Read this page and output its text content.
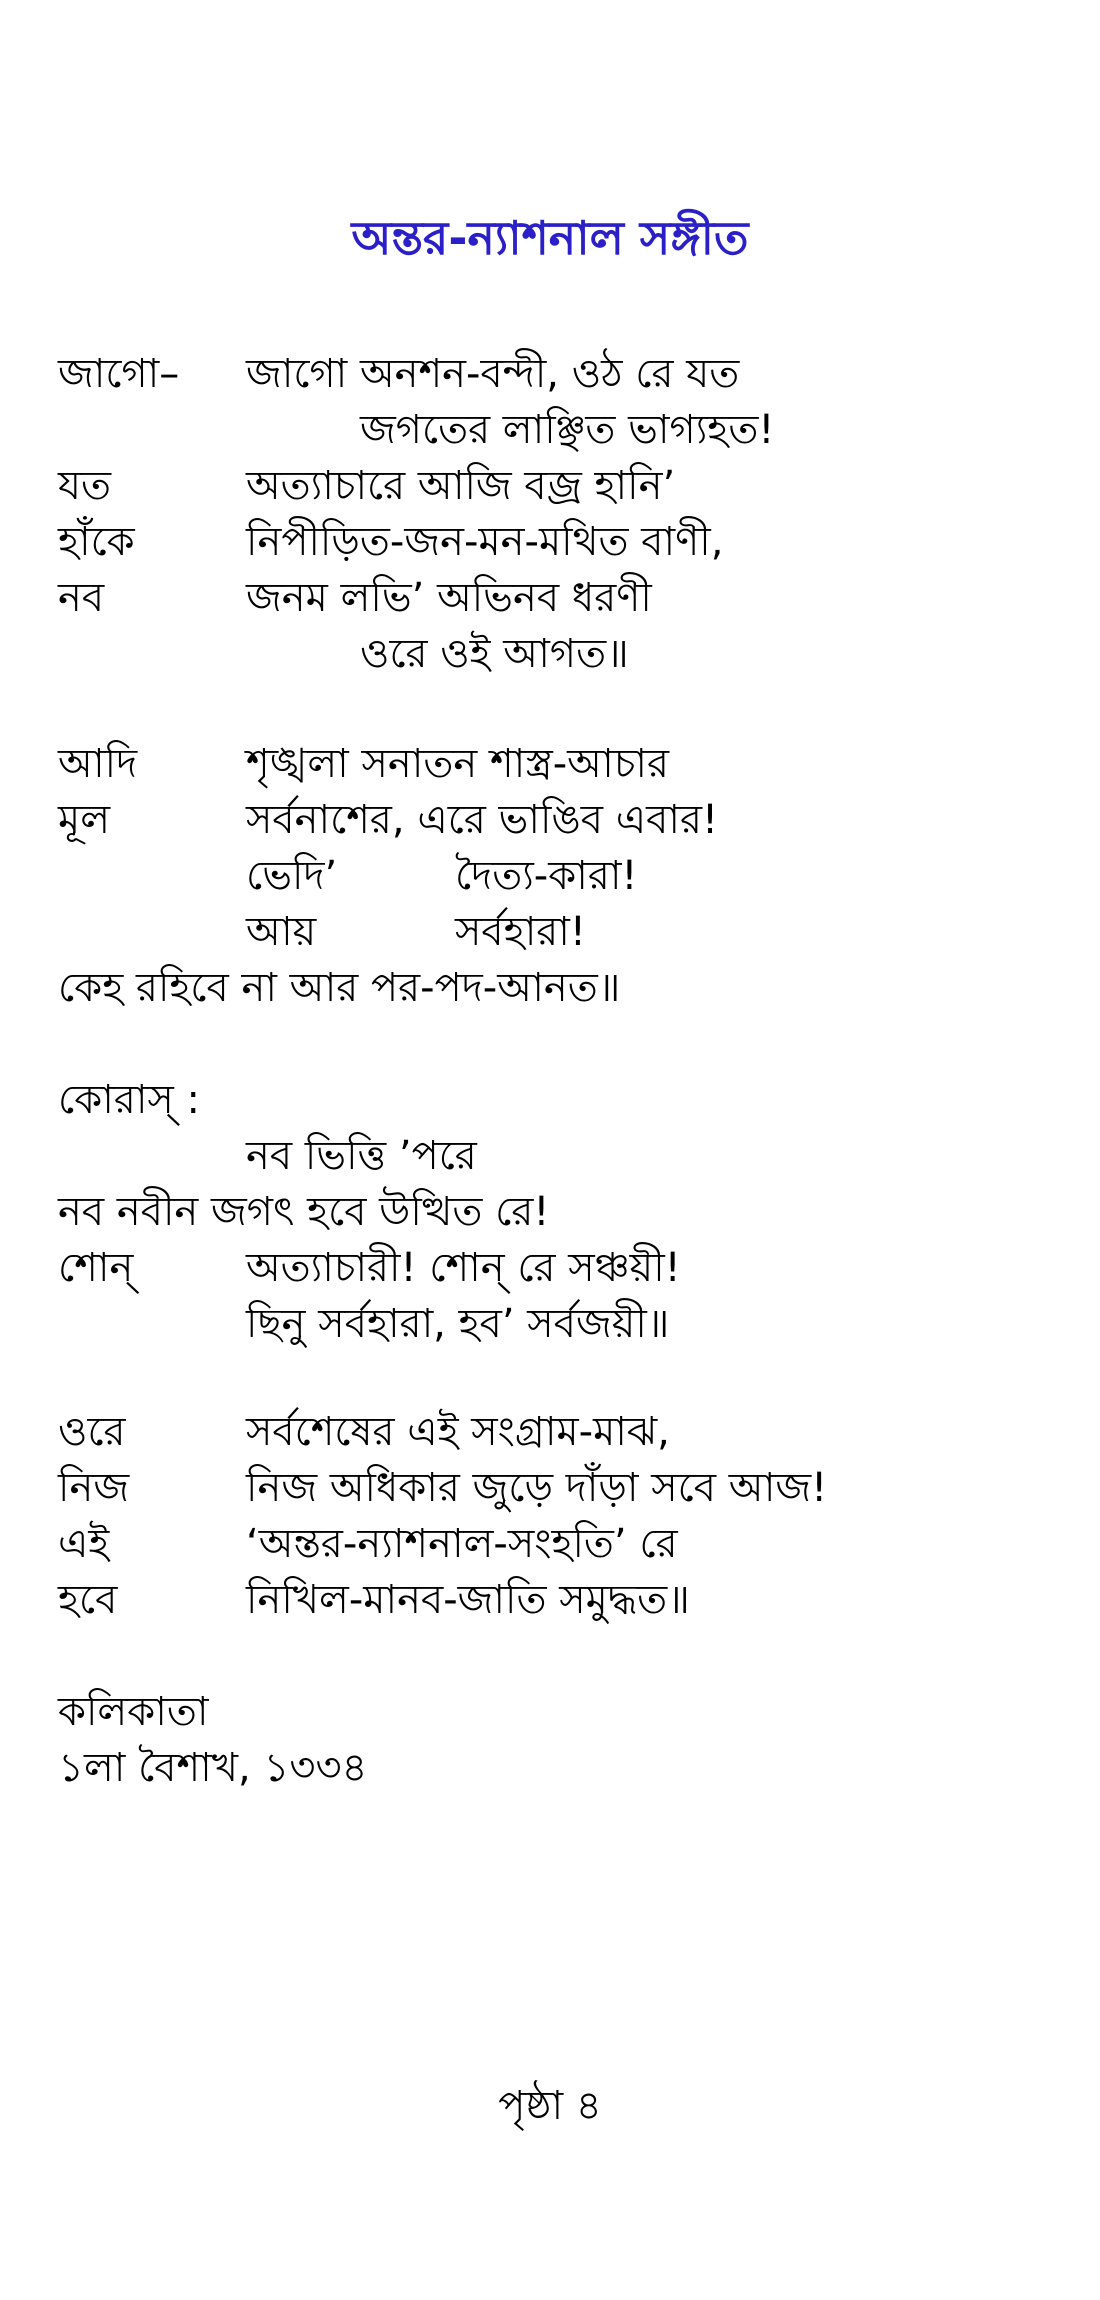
অন্তর-ন্যাশনাল সঙ্গীত
জাগো– জাগো অনশন-বন্দী, ওঠ রে যত
জগতের লাঞ্ছিত ভাগ্যহত!
যত	অত্যাচারে আজি বজ্র হানি’
হাঁকে	নিপীড়িত-জন-মন-মথিত বাণী,
নব	জনম লভি’ অভিনব ধরণী
ওরে ওই আগত॥
আদি	শৃঙ্খলা সনাতন শাস্ত্র-আচার
মূল	সর্বনাশের, এরে ভাঙিব এবার!
ভেদি’	দৈত্য-কারা!
আয়	সর্বহারা!
কেহ রহিবে না আর পর-পদ-আনত॥
কোরাস্ :
নব ভিত্তি ’পরে
নব নবীন জগৎ হবে উত্থিত রে!
শোন্	অত্যাচারী! শোন্ রে সঞ্চয়ী!
ছিনু সর্বহারা, হব’ সর্বজয়ী॥
ওরে	সর্বশেষের এই সংগ্রাম-মাঝ,
নিজ	নিজ অধিকার জুড়ে দাঁড়া সবে আজ!
এই	‘অন্তর-ন্যাশনাল-সংহতি’ রে
হবে	নিখিল-মানব-জাতি সমুদ্ধত॥
কলিকাতা
১লা বৈশাখ, ১৩৩৪
পৃষ্ঠা ৪
